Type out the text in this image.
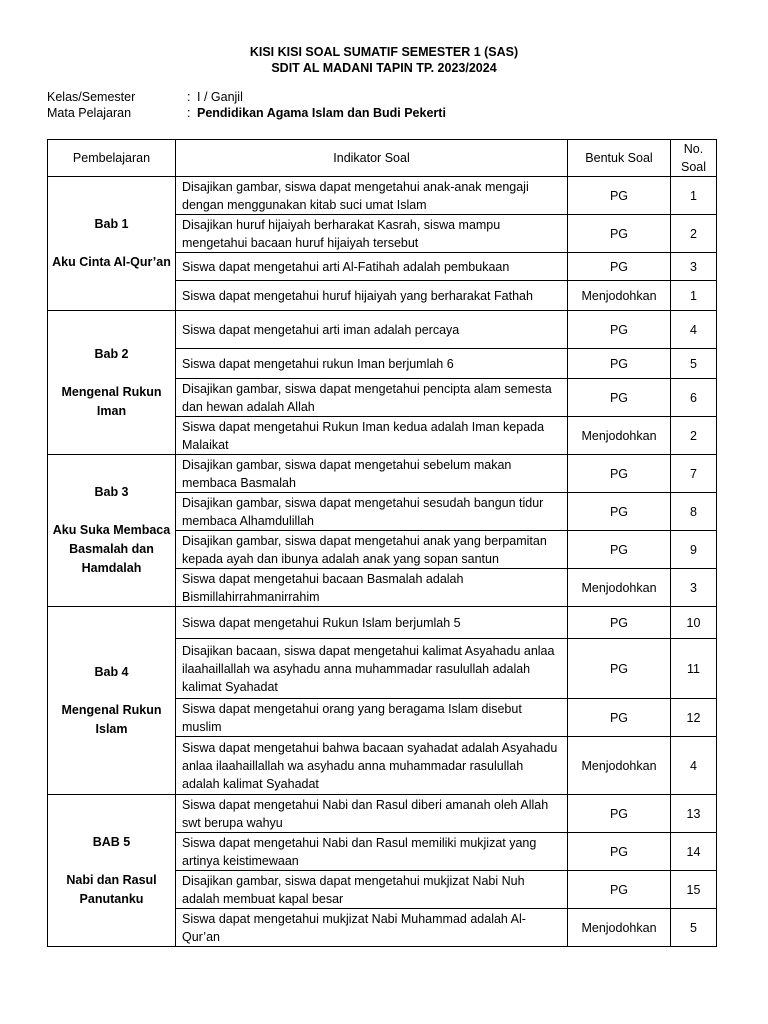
KISI KISI SOAL SUMATIF SEMESTER 1 (SAS)
SDIT AL MADANI TAPIN TP. 2023/2024
Kelas/Semester	: I / Ganjil
Mata Pelajaran	: Pendidikan Agama Islam dan Budi Pekerti
Pembelajaran	Indikator Soal	Bentuk Soal	No. Soal

Bab 1
Aku Cinta Al-Qur’an	Disajikan gambar, siswa dapat mengetahui anak-anak mengaji dengan menggunakan kitab suci umat Islam	PG	1
	Disajikan huruf hijaiyah berharakat Kasrah, siswa mampu mengetahui bacaan huruf hijaiyah tersebut	PG	2
	Siswa dapat mengetahui arti Al-Fatihah adalah pembukaan	PG	3
	Siswa dapat mengetahui huruf hijaiyah yang berharakat Fathah	Menjodohkan	1

Bab 2
Mengenal Rukun Iman	Siswa dapat mengetahui arti iman adalah percaya	PG	4
	Siswa dapat mengetahui rukun Iman berjumlah 6	PG	5
	Disajikan gambar, siswa dapat mengetahui pencipta alam semesta dan hewan adalah Allah	PG	6
	Siswa dapat mengetahui Rukun Iman kedua adalah Iman kepada Malaikat	Menjodohkan	2

Bab 3
Aku Suka Membaca Basmalah dan Hamdalah	Disajikan gambar, siswa dapat mengetahui sebelum makan membaca Basmalah	PG	7
	Disajikan gambar, siswa dapat mengetahui sesudah bangun tidur membaca Alhamdulillah	PG	8
	Disajikan gambar, siswa dapat mengetahui anak yang berpamitan kepada ayah dan ibunya adalah anak yang sopan santun	PG	9
	Siswa dapat mengetahui bacaan Basmalah adalah Bismillahirrahmanirrahim	Menjodohkan	3

Bab 4
Mengenal Rukun Islam	Siswa dapat mengetahui Rukun Islam berjumlah 5	PG	10
	Disajikan bacaan, siswa dapat mengetahui kalimat Asyahadu anlaa ilaahaillallah wa asyhadu anna muhammadar rasulullah adalah kalimat Syahadat	PG	11
	Siswa dapat mengetahui orang yang beragama Islam disebut muslim	PG	12
	Siswa dapat mengetahui bahwa bacaan syahadat adalah Asyahadu anlaa ilaahaillallah wa asyhadu anna muhammadar rasulullah adalah kalimat Syahadat	Menjodohkan	4

BAB 5
Nabi dan Rasul Panutanku	Siswa dapat mengetahui Nabi dan Rasul diberi amanah oleh Allah swt berupa wahyu	PG	13
	Siswa dapat mengetahui Nabi dan Rasul memiliki mukjizat yang artinya keistimewaan	PG	14
	Disajikan gambar, siswa dapat mengetahui mukjizat Nabi Nuh adalah membuat kapal besar	PG	15
	Siswa dapat mengetahui mukjizat Nabi Muhammad adalah Al-Qur’an	Menjodohkan	5
